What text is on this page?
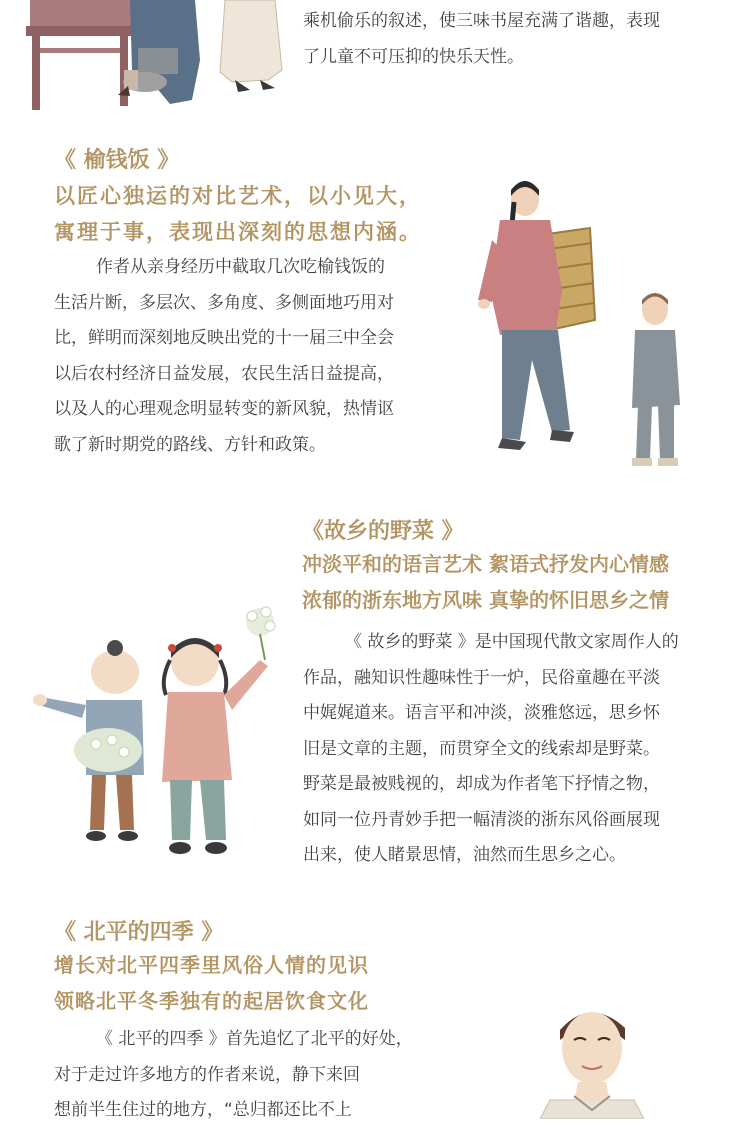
乘机偷乐的叙述，使三味书屋充满了谐趣，表现
了儿童不可压抑的快乐天性。
《 榆钱饭 》
以匠心独运的对比艺术，以小见大，
寓理于事，表现出深刻的思想内涵。
作者从亲身经历中截取几次吃榆钱饭的
生活片断，多层次、多角度、多侧面地巧用对
比，鲜明而深刻地反映出党的十一届三中全会
以后农村经济日益发展，农民生活日益提高，
以及人的心理观念明显转变的新风貌，热情讴
歌了新时期党的路线、方针和政策。
《故乡的野菜 》
冲淡平和的语言艺术 絮语式抒发内心情感
浓郁的浙东地方风味 真挚的怀旧思乡之情
《 故乡的野菜 》是中国现代散文家周作人的
作品，融知识性趣味性于一炉，民俗童趣在平淡
中娓娓道来。语言平和冲淡，淡雅悠远，思乡怀
旧是文章的主题，而贯穿全文的线索却是野菜。
野菜是最被贱视的，却成为作者笔下抒情之物，
如同一位丹青妙手把一幅清淡的浙东风俗画展现
出来，使人睹景思情，油然而生思乡之心。
《 北平的四季 》
增长对北平四季里风俗人情的见识
领略北平冬季独有的起居饮食文化
《 北平的四季 》首先追忆了北平的好处，
对于走过许多地方的作者来说，静下来回
想前半生住过的地方，“总归都还比不上
